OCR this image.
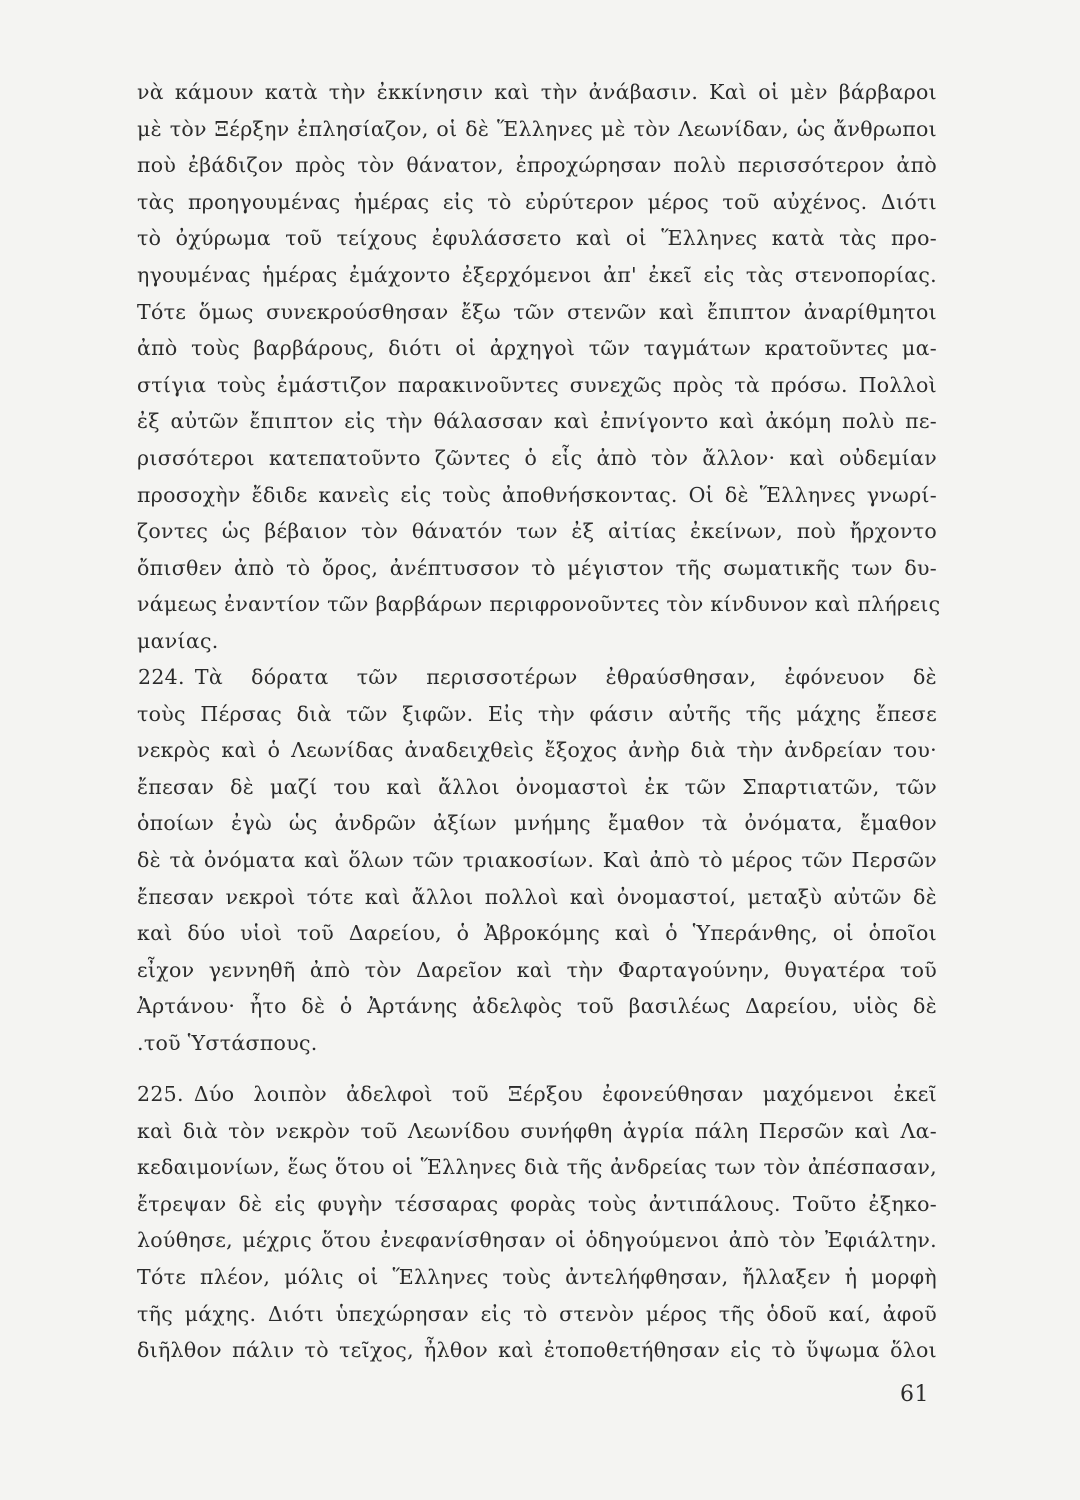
νὰ κάμουν κατὰ τὴν ἐκκίνησιν καὶ τὴν ἀνάβασιν. Καὶ οἱ μὲν βάρβαροι
μὲ τὸν Ξέρξην ἐπλησίαζον, οἱ δὲ Ἕλληνες μὲ τὸν Λεωνίδαν, ὡς ἄνθρωποι
ποὺ ἐβάδιζον πρὸς τὸν θάνατον, ἐπροχώρησαν πολὺ περισσότερον ἀπὸ
τὰς προηγουμένας ἡμέρας εἰς τὸ εὐρύτερον μέρος τοῦ αὐχένος. Διότι
τὸ ὀχύρωμα τοῦ τείχους ἐφυλάσσετο καὶ οἱ Ἕλληνες κατὰ τὰς προ-
ηγουμένας ἡμέρας ἐμάχοντο ἐξερχόμενοι ἀπ' ἐκεῖ εἰς τὰς στενοπορίας.
Τότε ὅμως συνεκρούσθησαν ἔξω τῶν στενῶν καὶ ἔπιπτον ἀναρίθμητοι
ἀπὸ τοὺς βαρβάρους, διότι οἱ ἀρχηγοὶ τῶν ταγμάτων κρατοῦντες μα-
στίγια τοὺς ἐμάστιζον παρακινοῦντες συνεχῶς πρὸς τὰ πρόσω. Πολλοὶ
ἐξ αὐτῶν ἔπιπτον εἰς τὴν θάλασσαν καὶ ἐπνίγοντο καὶ ἀκόμη πολὺ πε-
ρισσότεροι κατεπατοῦντο ζῶντες ὁ εἷς ἀπὸ τὸν ἄλλον· καὶ οὐδεμίαν
προσοχὴν ἔδιδε κανεὶς εἰς τοὺς ἀποθνήσκοντας. Οἱ δὲ Ἕλληνες γνωρί-
ζοντες ὡς βέβαιον τὸν θάνατόν των ἐξ αἰτίας ἐκείνων, ποὺ ἤρχοντο
ὄπισθεν ἀπὸ τὸ ὄρος, ἀνέπτυσσον τὸ μέγιστον τῆς σωματικῆς των δυ-
νάμεως ἐναντίον τῶν βαρβάρων περιφρονοῦντες τὸν κίνδυνον καὶ πλήρεις
μανίας.
224. Τὰ δόρατα τῶν περισσοτέρων ἐθραύσθησαν, ἐφόνευον δὲ
τοὺς Πέρσας διὰ τῶν ξιφῶν. Εἰς τὴν φάσιν αὐτῆς τῆς μάχης ἔπεσε
νεκρὸς καὶ ὁ Λεωνίδας ἀναδειχθεὶς ἔξοχος ἀνὴρ διὰ τὴν ἀνδρείαν του·
ἔπεσαν δὲ μαζί του καὶ ἄλλοι ὀνομαστοὶ ἐκ τῶν Σπαρτιατῶν, τῶν
ὁποίων ἐγὼ ὡς ἀνδρῶν ἀξίων μνήμης ἔμαθον τὰ ὀνόματα, ἔμαθον
δὲ τὰ ὀνόματα καὶ ὅλων τῶν τριακοσίων. Καὶ ἀπὸ τὸ μέρος τῶν Περσῶν
ἔπεσαν νεκροὶ τότε καὶ ἄλλοι πολλοὶ καὶ ὀνομαστοί, μεταξὺ αὐτῶν δὲ
καὶ δύο υἱοὶ τοῦ Δαρείου, ὁ Ἀβροκόμης καὶ ὁ Ὑπεράνθης, οἱ ὁποῖοι
εἶχον γεννηθῆ ἀπὸ τὸν Δαρεῖον καὶ τὴν Φαρταγούνην, θυγατέρα τοῦ
Ἀρτάνου· ἦτο δὲ ὁ Ἀρτάνης ἀδελφὸς τοῦ βασιλέως Δαρείου, υἱὸς δὲ
.τοῦ Ὑστάσπους.
225. Δύο λοιπὸν ἀδελφοὶ τοῦ Ξέρξου ἐφονεύθησαν μαχόμενοι ἐκεῖ
καὶ διὰ τὸν νεκρὸν τοῦ Λεωνίδου συνήφθη ἀγρία πάλη Περσῶν καὶ Λα-
κεδαιμονίων, ἕως ὅτου οἱ Ἕλληνες διὰ τῆς ἀνδρείας των τὸν ἀπέσπασαν,
ἔτρεψαν δὲ εἰς φυγὴν τέσσαρας φορὰς τοὺς ἀντιπάλους. Τοῦτο ἐξηκο-
λούθησε, μέχρις ὅτου ἐνεφανίσθησαν οἱ ὁδηγούμενοι ἀπὸ τὸν Ἐφιάλτην.
Τότε πλέον, μόλις οἱ Ἕλληνες τοὺς ἀντελήφθησαν, ἤλλαξεν ἡ μορφὴ
τῆς μάχης. Διότι ὑπεχώρησαν εἰς τὸ στενὸν μέρος τῆς ὁδοῦ καί, ἀφοῦ
διῆλθον πάλιν τὸ τεῖχος, ἦλθον καὶ ἐτοποθετήθησαν εἰς τὸ ὕψωμα ὅλοι
61
